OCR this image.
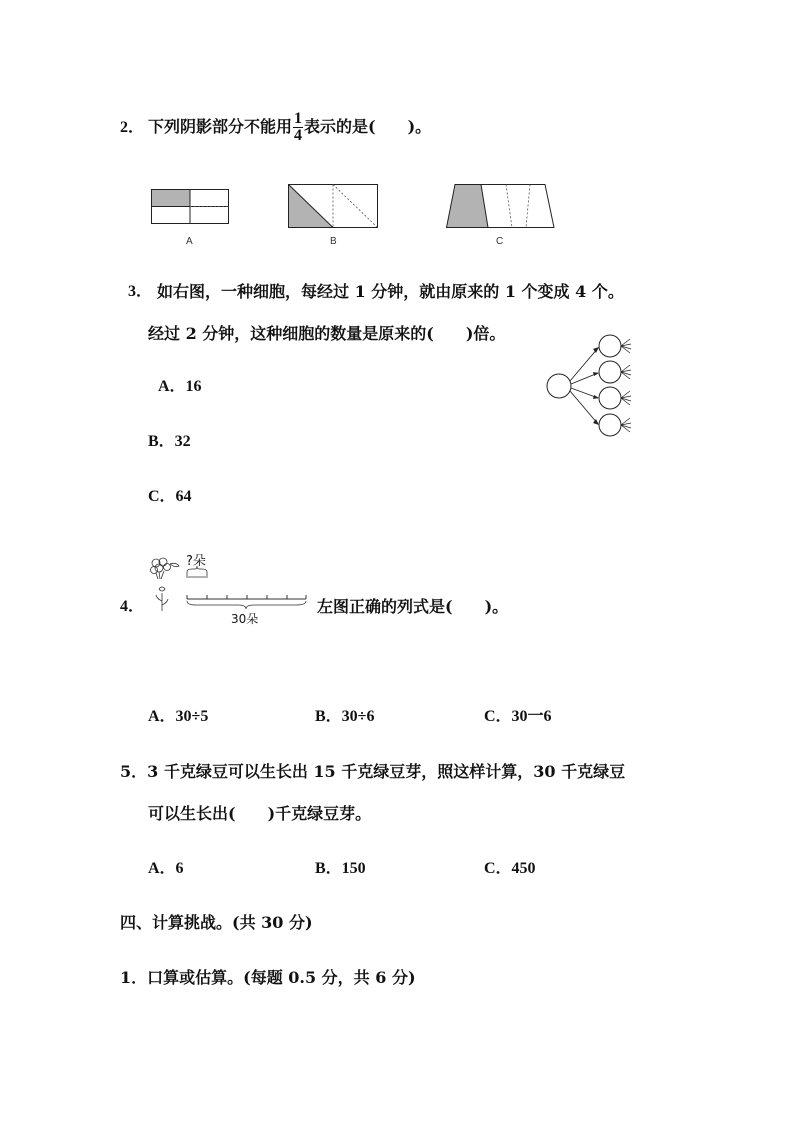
2． 下列阴影部分不能用 $\frac{1}{4}$ 表示的是(　　)。
A	B	C
3． 如右图，一种细胞，每经过 1 分钟，就由原来的 1 个变成 4 个。
经过 2 分钟，这种细胞的数量是原来的(　　)倍。
A．16
B．32
C．64
4．
?朵
30朵
左图正确的列式是(　　)。
A．30÷5	B．30÷6	C．30一6
5．3 千克绿豆可以生长出 15 千克绿豆芽，照这样计算，30 千克绿豆
可以生长出(　　)千克绿豆芽。
A．6	B．150	C．450
四、计算挑战。(共 30 分)
1．口算或估算。(每题 0.5 分，共 6 分)
